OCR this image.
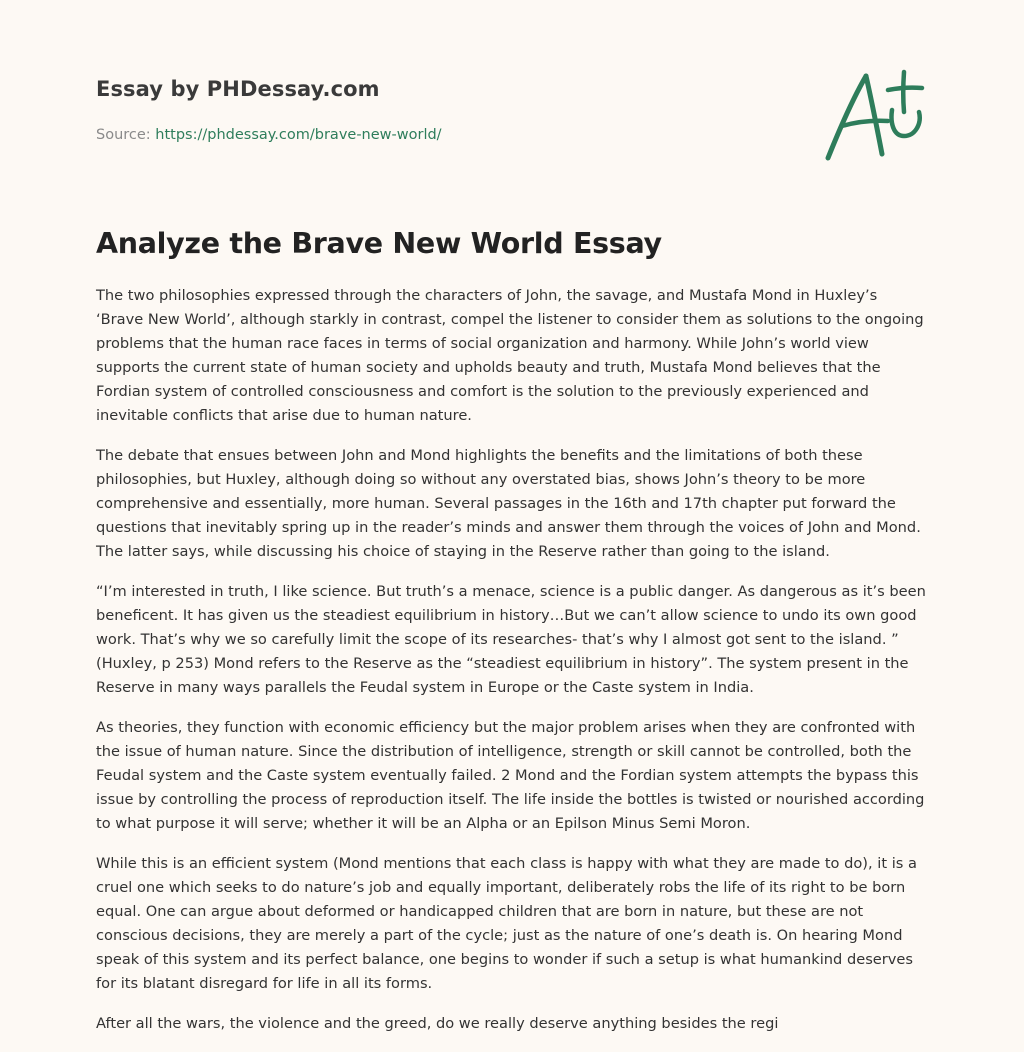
Essay by PHDessay.com
Source: https://phdessay.com/brave-new-world/
Analyze the Brave New World Essay

The two philosophies expressed through the characters of John, the savage, and Mustafa Mond in Huxley’s ‘Brave New World’, although starkly in contrast, compel the listener to consider them as solutions to the ongoing problems that the human race faces in terms of social organization and harmony. While John’s world view supports the current state of human society and upholds beauty and truth, Mustafa Mond believes that the Fordian system of controlled consciousness and comfort is the solution to the previously experienced and inevitable conflicts that arise due to human nature.

The debate that ensues between John and Mond highlights the benefits and the limitations of both these philosophies, but Huxley, although doing so without any overstated bias, shows John’s theory to be more comprehensive and essentially, more human. Several passages in the 16th and 17th chapter put forward the questions that inevitably spring up in the reader’s minds and answer them through the voices of John and Mond. The latter says, while discussing his choice of staying in the Reserve rather than going to the island.

“I’m interested in truth, I like science. But truth’s a menace, science is a public danger. As dangerous as it’s been beneficent. It has given us the steadiest equilibrium in history…But we can’t allow science to undo its own good work. That’s why we so carefully limit the scope of its researches- that’s why I almost got sent to the island. ” (Huxley, p 253) Mond refers to the Reserve as the “steadiest equilibrium in history”. The system present in the Reserve in many ways parallels the Feudal system in Europe or the Caste system in India.

As theories, they function with economic efficiency but the major problem arises when they are confronted with the issue of human nature. Since the distribution of intelligence, strength or skill cannot be controlled, both the Feudal system and the Caste system eventually failed. 2 Mond and the Fordian system attempts the bypass this issue by controlling the process of reproduction itself. The life inside the bottles is twisted or nourished according to what purpose it will serve; whether it will be an Alpha or an Epilson Minus Semi Moron.

While this is an efficient system (Mond mentions that each class is happy with what they are made to do), it is a cruel one which seeks to do nature’s job and equally important, deliberately robs the life of its right to be born equal. One can argue about deformed or handicapped children that are born in nature, but these are not conscious decisions, they are merely a part of the cycle; just as the nature of one’s death is. On hearing Mond speak of this system and its perfect balance, one begins to wonder if such a setup is what humankind deserves for its blatant disregard for life in all its forms.

After all the wars, the violence and the greed, do we really deserve anything besides the regi
